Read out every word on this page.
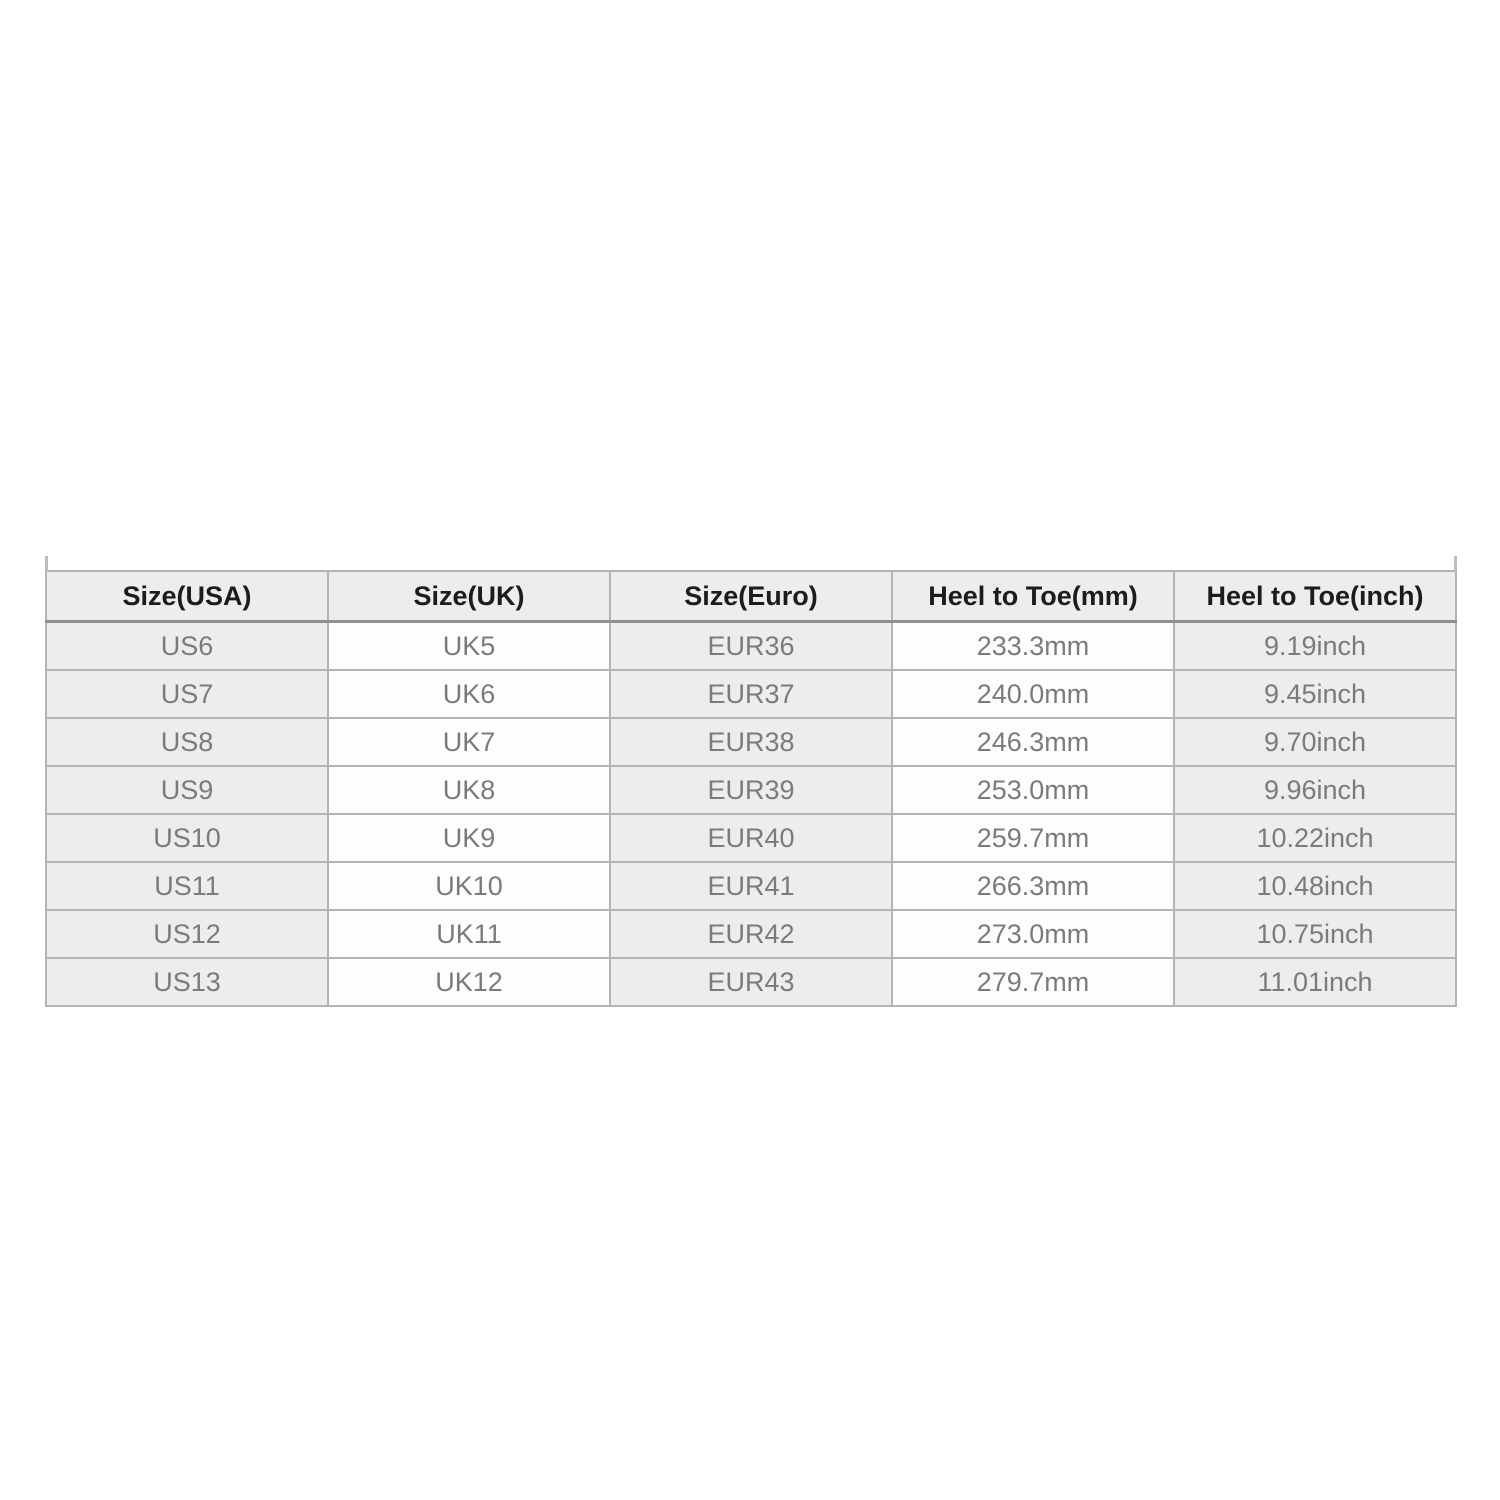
Size(USA)	Size(UK)	Size(Euro)	Heel to Toe(mm)	Heel to Toe(inch)
US6	UK5	EUR36	233.3mm	9.19inch
US7	UK6	EUR37	240.0mm	9.45inch
US8	UK7	EUR38	246.3mm	9.70inch
US9	UK8	EUR39	253.0mm	9.96inch
US10	UK9	EUR40	259.7mm	10.22inch
US11	UK10	EUR41	266.3mm	10.48inch
US12	UK11	EUR42	273.0mm	10.75inch
US13	UK12	EUR43	279.7mm	11.01inch
